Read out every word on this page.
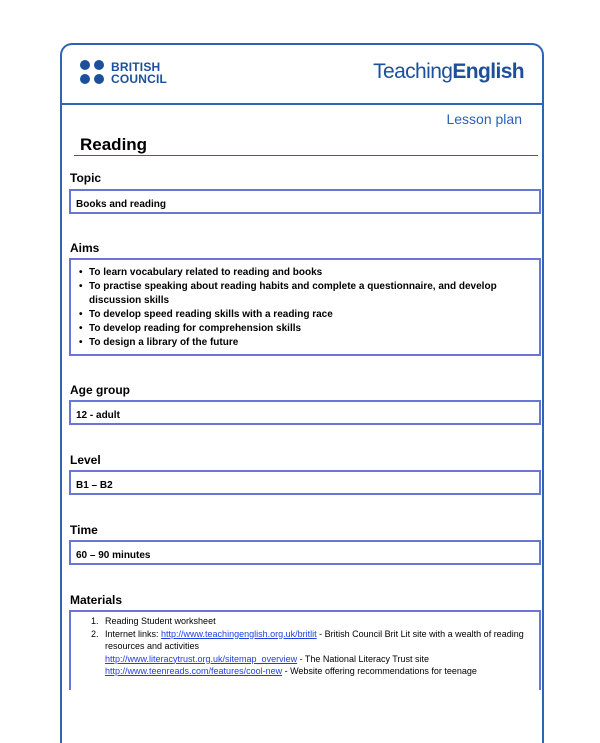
BRITISH
COUNCIL	TeachingEnglish
Lesson plan
Reading
Topic
Books and reading
Aims
• To learn vocabulary related to reading and books
• To practise speaking about reading habits and complete a questionnaire, and develop discussion skills
• To develop speed reading skills with a reading race
• To develop reading for comprehension skills
• To design a library of the future
Age group
12 - adult
Level
B1 – B2
Time
60 – 90 minutes
Materials
1. Reading Student worksheet
2. Internet links: http://www.teachingenglish.org.uk/britlit - British Council Brit Lit site with a wealth of reading resources and activities
http://www.literacytrust.org.uk/sitemap_overview - The National Literacy Trust site
http://www.teenreads.com/features/cool-new - Website offering recommendations for teenage
